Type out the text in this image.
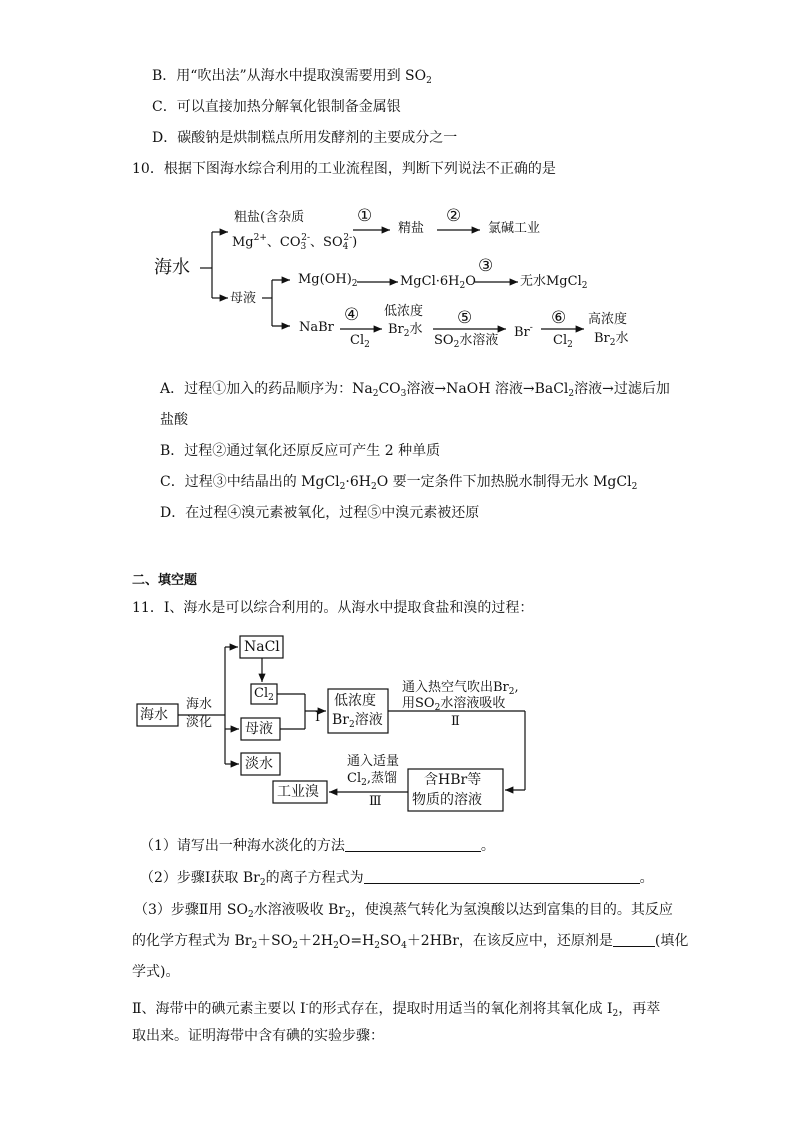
B．用“吹出法”从海水中提取溴需要用到 $SO_2$
C．可以直接加热分解氧化银制备金属银
D．碳酸钠是烘制糕点所用发酵剂的主要成分之一
10．根据下图海水综合利用的工业流程图，判断下列说法不正确的是
海水
粗盐(含杂质
$Mg^{2+}$、$CO_3^{2-}$、$SO_4^{2-}$)
①
精盐
②
氯碱工业
母液
$Mg(OH)_2$	$MgCl\cdot 6H_2O$
③
无水MgCl$_2$
NaBr
④
$Cl_2$
低浓度
$Br_2$水
⑤
$SO_2$水溶液
Br- ⑥
$Cl_2$
高浓度
$Br_2$水
A．过程①加入的药品顺序为：$Na_2CO_3$溶液→NaOH 溶液→BaCl$_2$溶液→过滤后加
盐酸
B．过程②通过氧化还原反应可产生 2 种单质
C．过程③中结晶出的 $MgCl_2\cdot 6H_2O$ 要一定条件下加热脱水制得无水 MgCl$_2$
D．在过程④溴元素被氧化，过程⑤中溴元素被还原
二、填空题
11．Ⅰ、海水是可以综合利用的。从海水中提取食盐和溴的过程：
海水
海水
淡化
NaCl
$Cl_2$
母液
淡水
Ⅰ
低浓度
$Br_2$溶液
通入热空气吹出$Br_2$,
用$SO_2$水溶液吸收
Ⅱ
含HBr等
物质的溶液
通入适量
$Cl_2$,蒸馏
Ⅲ
工业溴
（1）请写出一种海水淡化的方法	。
（2）步骤Ⅰ获取 $Br_2$的离子方程式为	。
（3）步骤Ⅱ用 $SO_2$水溶液吸收 $Br_2$，使溴蒸气转化为氢溴酸以达到富集的目的。其反应
的化学方程式为 $Br_2+SO_2+2H_2O=H_2SO_4+2HBr$，在该反应中，还原剂是	(填化
学式)。
Ⅱ、海带中的碘元素主要以 I-的形式存在，提取时用适当的氧化剂将其氧化成 $I_2$，再萃
取出来。证明海带中含有碘的实验步骤：
